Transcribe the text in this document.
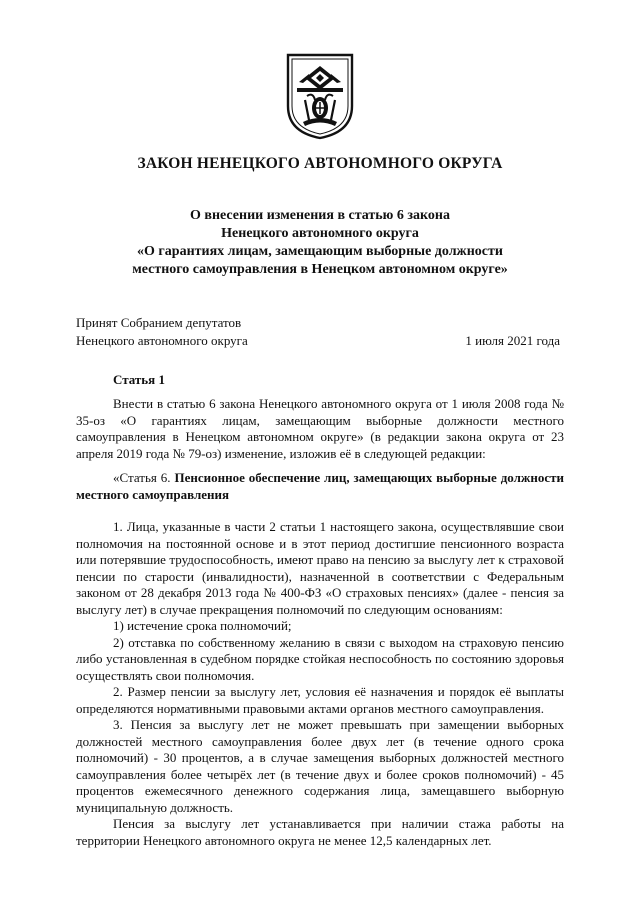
ЗАКОН НЕНЕЦКОГО АВТОНОМНОГО ОКРУГА
О внесении изменения в статью 6 закона
Ненецкого автономного округа
«О гарантиях лицам, замещающим выборные должности
местного самоуправления в Ненецком автономном округе»
Принят Собранием депутатов
Ненецкого автономного округа	1 июля 2021 года
Статья 1

Внести в статью 6 закона Ненецкого автономного округа от 1 июля 2008 года № 35-оз «О гарантиях лицам, замещающим выборные должности местного самоуправления в Ненецком автономном округе» (в редакции закона округа от 23 апреля 2019 года № 79-оз) изменение, изложив её в следующей редакции:

«Статья 6. Пенсионное обеспечение лиц, замещающих выборные должности местного самоуправления

1. Лица, указанные в части 2 статьи 1 настоящего закона, осуществлявшие свои полномочия на постоянной основе и в этот период достигшие пенсионного возраста или потерявшие трудоспособность, имеют право на пенсию за выслугу лет к страховой пенсии по старости (инвалидности), назначенной в соответствии с Федеральным законом от 28 декабря 2013 года № 400-ФЗ «О страховых пенсиях» (далее - пенсия за выслугу лет) в случае прекращения полномочий по следующим основаниям:

1) истечение срока полномочий;

2) отставка по собственному желанию в связи с выходом на страховую пенсию либо установленная в судебном порядке стойкая неспособность по состоянию здоровья осуществлять свои полномочия.

2. Размер пенсии за выслугу лет, условия её назначения и порядок её выплаты определяются нормативными правовыми актами органов местного самоуправления.

3. Пенсия за выслугу лет не может превышать при замещении выборных должностей местного самоуправления более двух лет (в течение одного срока полномочий) - 30 процентов, а в случае замещения выборных должностей местного самоуправления более четырёх лет (в течение двух и более сроков полномочий) - 45 процентов ежемесячного денежного содержания лица, замещавшего выборную муниципальную должность.

Пенсия за выслугу лет устанавливается при наличии стажа работы на территории Ненецкого автономного округа не менее 12,5 календарных лет.
